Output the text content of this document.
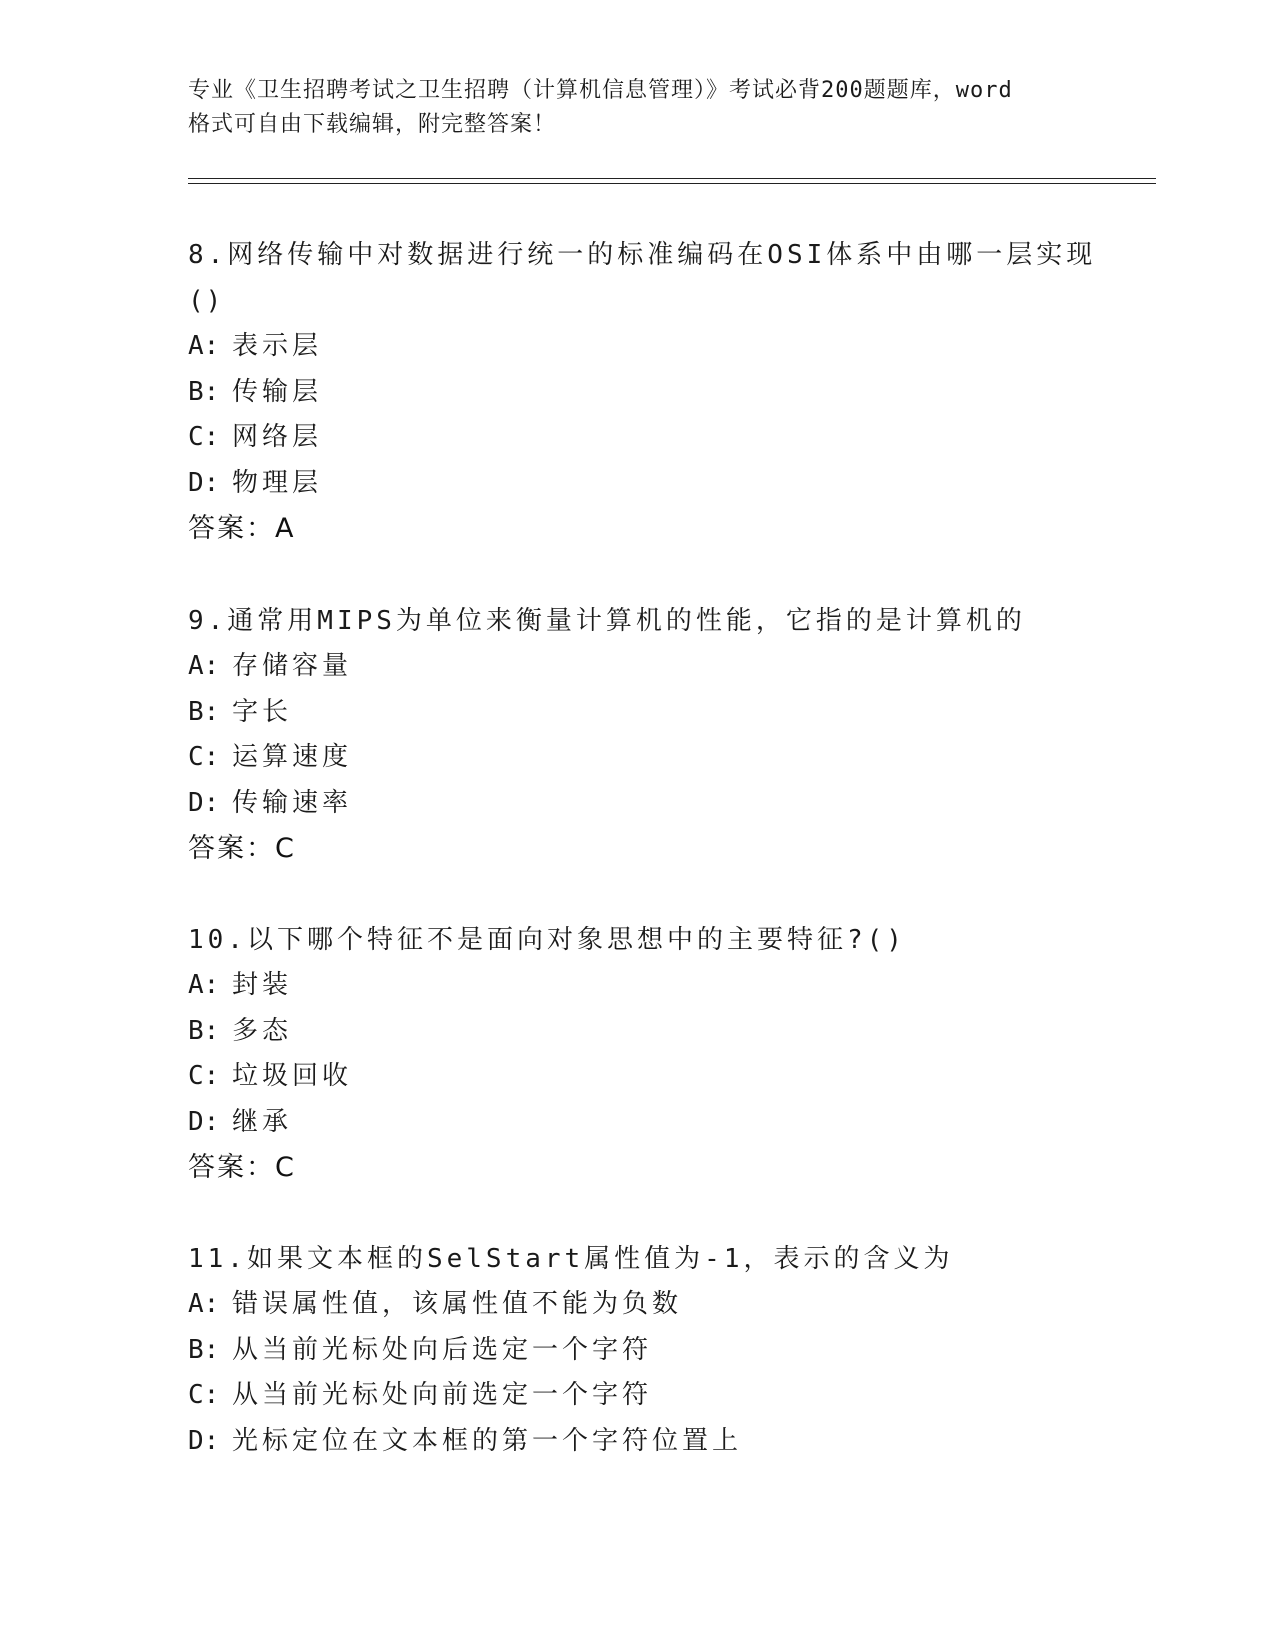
专业《卫生招聘考试之卫生招聘（计算机信息管理）》考试必背200题题库，word
格式可自由下载编辑，附完整答案！
8.网络传输中对数据进行统一的标准编码在OSI体系中由哪一层实现
()
A: 表示层
B: 传输层
C: 网络层
D: 物理层
答案：A
9.通常用MIPS为单位来衡量计算机的性能，它指的是计算机的
A: 存储容量
B: 字长
C: 运算速度
D: 传输速率
答案：C
10.以下哪个特征不是面向对象思想中的主要特征?()
A: 封装
B: 多态
C: 垃圾回收
D: 继承
答案：C
11.如果文本框的SelStart属性值为-1，表示的含义为
A: 错误属性值，该属性值不能为负数
B: 从当前光标处向后选定一个字符
C: 从当前光标处向前选定一个字符
D: 光标定位在文本框的第一个字符位置上
